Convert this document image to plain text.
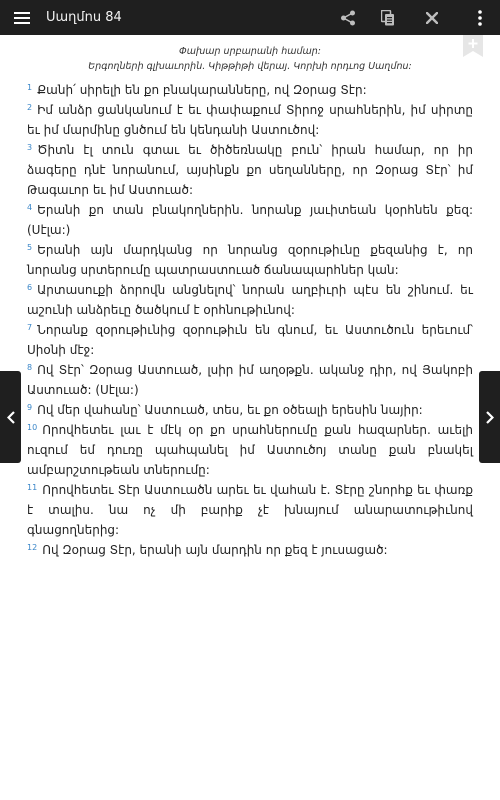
Սաղմոս 84
Փախար սրբարանի համար:
Երգողների գլխաւորին. Կիթթիթի վերայ. Կորխի որդւոց Սաղմոս:

$^1$ Քանի՛ սիրելի են քո բնակարանները, ով Զօրաց Տէր:

$^2$ Իմ անձր ցանկանում է եւ փափաքում Տիրոջ սրահներին, իմ սիրտը եւ իմ մարմինը ցնծում են կենդանի Աստուծով:

$^3$ Ծիտն էլ տուն գտաւ եւ ծիծեռնակը բուն՝ իրան համար, որ իր ձագերը դնէ նորանում, այսինքն քո սեղանները, որ Զօրաց Տէր՝ իմ Թագաւոր եւ իմ Աստուած:

$^4$ Երանի քո տան բնակողներին. նորանք յաւիտեան կօրհնեն քեզ: (Սէլա:)

$^5$ Երանի այն մարդկանց որ նորանց զօրութիւնը քեզանից է, որ նորանց սրտերումը պատրաստուած ճանապարհներ կան:

$^6$ Արտասուքի ձորովն անցնելով՝ նորան աղբիւրի պէս են շինում. եւ աշունի անձրեւը ծածկում է օրհնութիւնով:

$^7$ Նորանք զօրութիւնից զօրութիւն են գնում, եւ Աստուծուն երեւում՝ Սիօնի մէջ:

$^8$ Ով Տէր՝ Զօրաց Աստուած, լսիր իմ աղօթքն. ականջ դիր, ով Յակոբի Աստուած: (Սէլա:)

$^9$ Ով մեր վահանը՝ Աստուած, տես, եւ քո օծեալի երեսին նայիր:

$^{10}$ Որովհետեւ լաւ է մէկ օր քո սրահներումը քան հազարներ. աւելի ուզում եմ դուռը պահպանել իմ Աստուծոյ տանը քան բնակել ամբարշտութեան տներումը:

$^{11}$ Որովհետեւ Տէր Աստուածն արեւ եւ վահան է. Տէրը շնորհք եւ փառք է տալիս. նա ոչ մի բարիք չէ խնայում անարատութիւնով գնացողներից:

$^{12}$ Ով Զօրաց Տէր, երանի այն մարդին որ քեզ է յուսացած:
